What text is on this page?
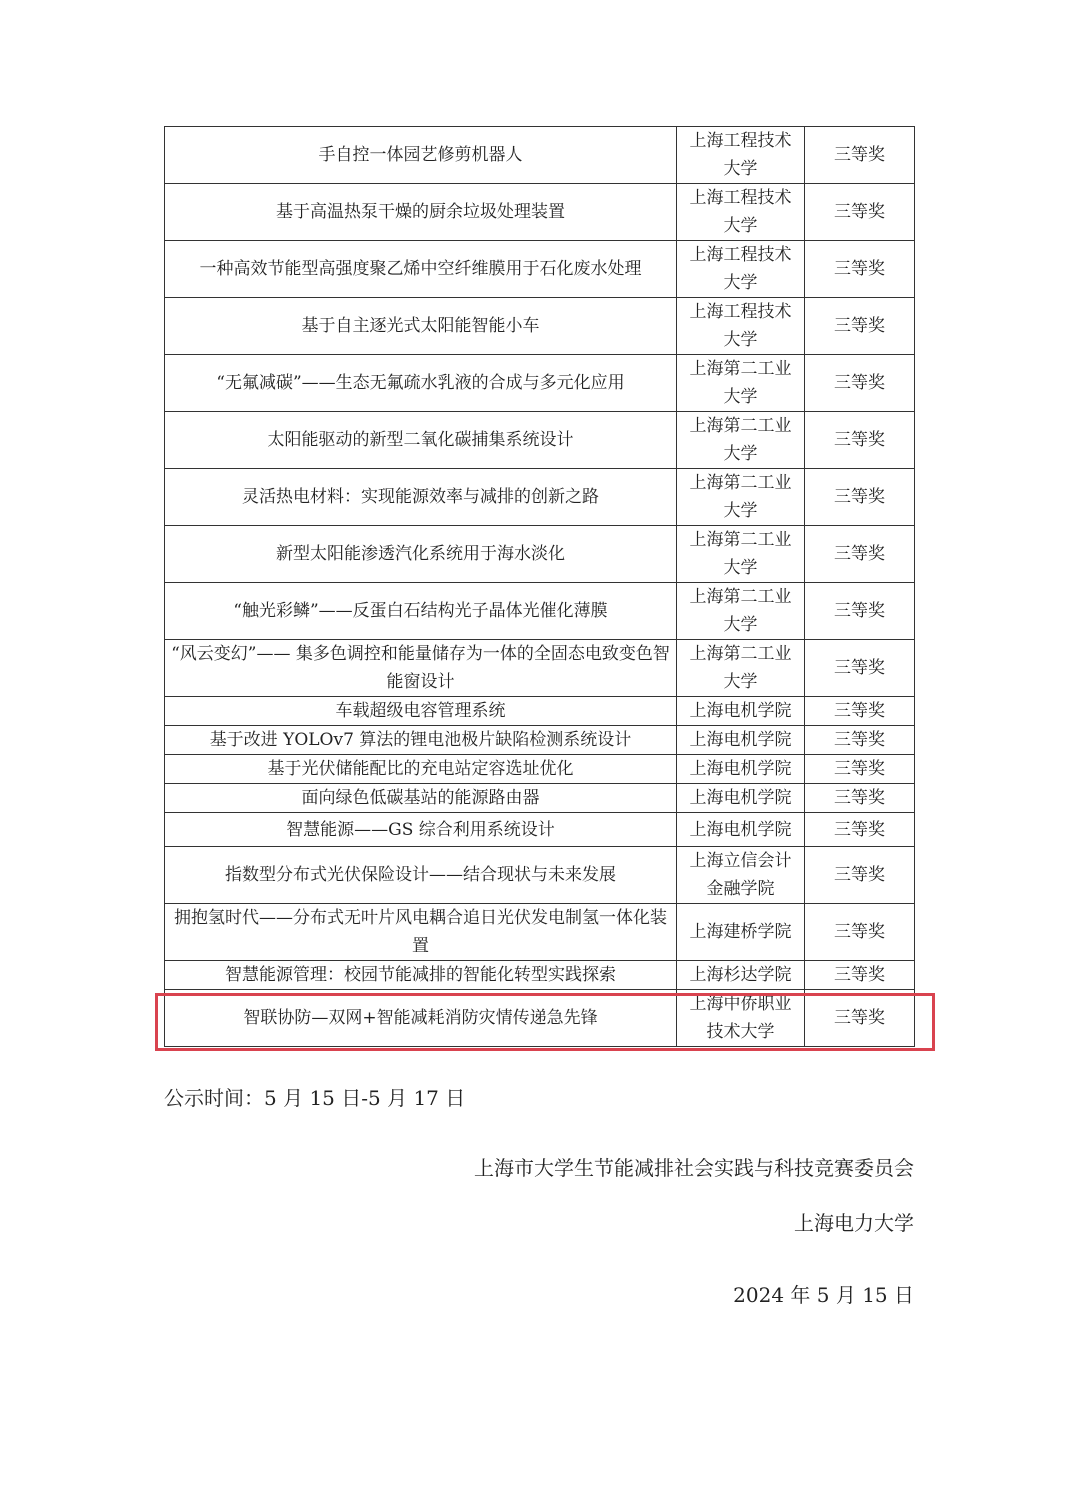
手自控一体园艺修剪机器人	上海工程技术大学	三等奖
基于高温热泵干燥的厨余垃圾处理装置	上海工程技术大学	三等奖
一种高效节能型高强度聚乙烯中空纤维膜用于石化废水处理	上海工程技术大学	三等奖
基于自主逐光式太阳能智能小车	上海工程技术大学	三等奖
“无氟减碳”——生态无氟疏水乳液的合成与多元化应用	上海第二工业大学	三等奖
太阳能驱动的新型二氧化碳捕集系统设计	上海第二工业大学	三等奖
灵活热电材料：实现能源效率与减排的创新之路	上海第二工业大学	三等奖
新型太阳能渗透汽化系统用于海水淡化	上海第二工业大学	三等奖
“触光彩鳞”——反蛋白石结构光子晶体光催化薄膜	上海第二工业大学	三等奖
“风云变幻”—— 集多色调控和能量储存为一体的全固态电致变色智能窗设计	上海第二工业大学	三等奖
车载超级电容管理系统	上海电机学院	三等奖
基于改进 YOLOv7 算法的锂电池极片缺陷检测系统设计	上海电机学院	三等奖
基于光伏储能配比的充电站定容选址优化	上海电机学院	三等奖
面向绿色低碳基站的能源路由器	上海电机学院	三等奖
智慧能源——GS 综合利用系统设计	上海电机学院	三等奖
指数型分布式光伏保险设计——结合现状与未来发展	上海立信会计金融学院	三等奖
拥抱氢时代——分布式无叶片风电耦合追日光伏发电制氢一体化装置	上海建桥学院	三等奖
智慧能源管理：校园节能减排的智能化转型实践探索	上海杉达学院	三等奖
智联协防—双网+智能减耗消防灾情传递急先锋	上海中侨职业技术大学	三等奖
公示时间：5 月 15 日-5 月 17 日
上海市大学生节能减排社会实践与科技竞赛委员会
上海电力大学
2024 年 5 月 15 日
